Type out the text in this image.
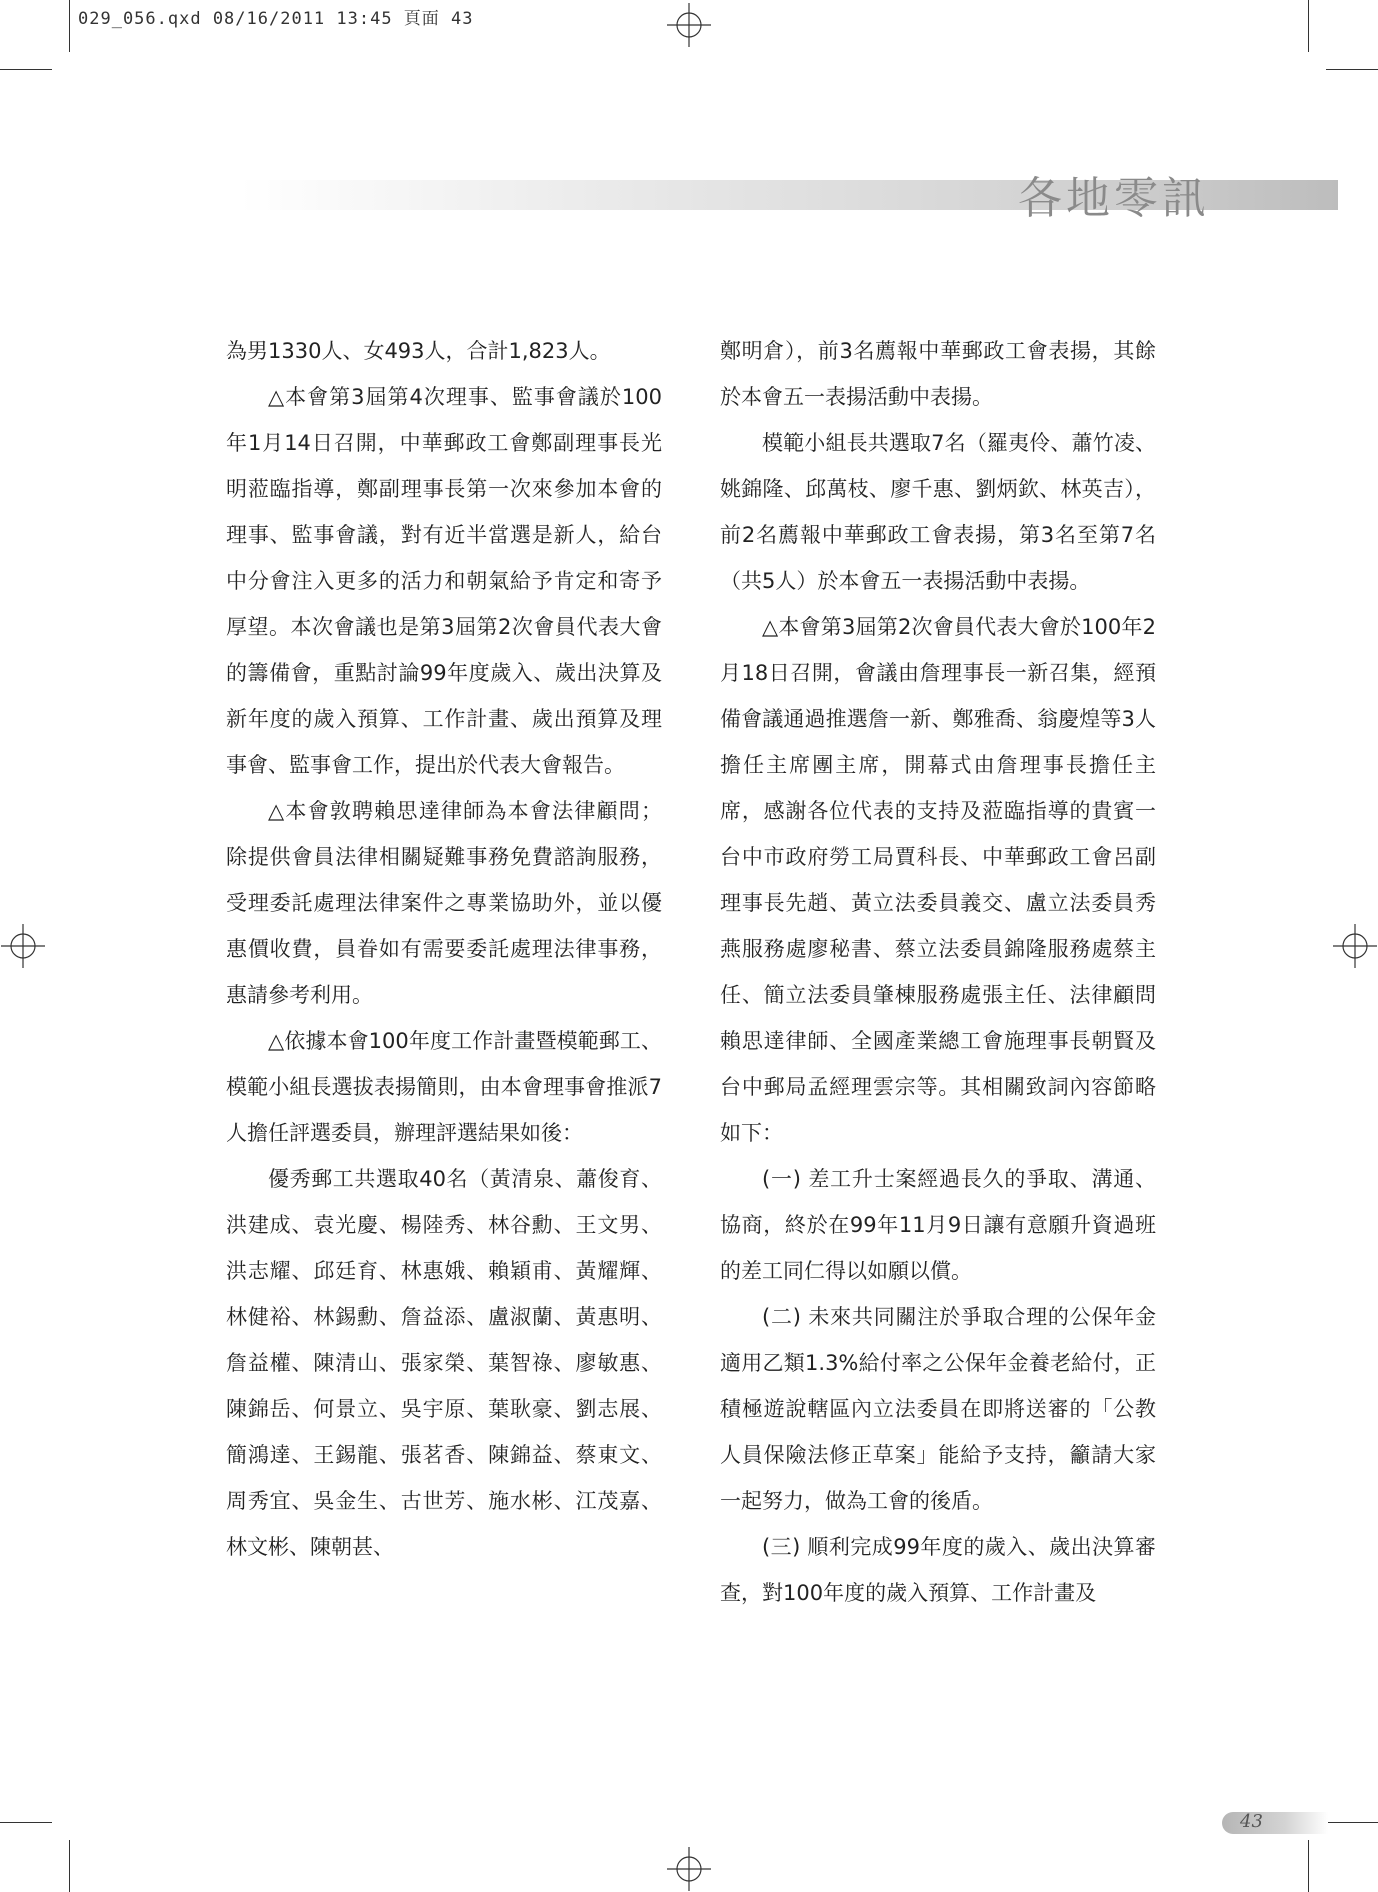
029_056.qxd 08/16/2011 13:45 頁面 43
各地零訊

為男1330人、女493人，合計1,823人。

△本會第3屆第4次理事、監事會議於100年1月14日召開，中華郵政工會鄭副理事長光明蒞臨指導，鄭副理事長第一次來參加本會的理事、監事會議，對有近半當選是新人，給台中分會注入更多的活力和朝氣給予肯定和寄予厚望。本次會議也是第3屆第2次會員代表大會的籌備會，重點討論99年度歲入、歲出決算及新年度的歲入預算、工作計畫、歲出預算及理事會、監事會工作，提出於代表大會報告。

△本會敦聘賴思達律師為本會法律顧問；除提供會員法律相關疑難事務免費諮詢服務，受理委託處理法律案件之專業協助外，並以優惠價收費，員眷如有需要委託處理法律事務，惠請參考利用。

△依據本會100年度工作計畫暨模範郵工、模範小組長選拔表揚簡則，由本會理事會推派7人擔任評選委員，辦理評選結果如後：

優秀郵工共選取40名（黃清泉、蕭俊育、洪建成、袁光慶、楊陸秀、林谷勳、王文男、洪志耀、邱廷育、林惠娥、賴穎甫、黃耀輝、林健裕、林錫勳、詹益添、盧淑蘭、黃惠明、詹益權、陳清山、張家榮、葉智祿、廖敏惠、陳錦岳、何景立、吳宇原、葉耿豪、劉志展、簡鴻達、王錫龍、張茗香、陳錦益、蔡東文、周秀宜、吳金生、古世芳、施水彬、江茂嘉、林文彬、陳朝甚、

鄭明倉），前3名薦報中華郵政工會表揚，其餘於本會五一表揚活動中表揚。

模範小組長共選取7名（羅夷伶、蕭竹凌、姚錦隆、邱萬枝、廖千惠、劉炳欽、林英吉），前2名薦報中華郵政工會表揚，第3名至第7名（共5人）於本會五一表揚活動中表揚。

△本會第3屆第2次會員代表大會於100年2月18日召開，會議由詹理事長一新召集，經預備會議通過推選詹一新、鄭雅喬、翁慶煌等3人擔任主席團主席，開幕式由詹理事長擔任主席，感謝各位代表的支持及蒞臨指導的貴賓一台中市政府勞工局賈科長、中華郵政工會呂副理事長先趙、黃立法委員義交、盧立法委員秀燕服務處廖秘書、蔡立法委員錦隆服務處蔡主任、簡立法委員肇棟服務處張主任、法律顧問賴思達律師、全國產業總工會施理事長朝賢及台中郵局孟經理雲宗等。其相關致詞內容節略如下：

(一) 差工升士案經過長久的爭取、溝通、協商，終於在99年11月9日讓有意願升資過班的差工同仁得以如願以償。

(二) 未來共同關注於爭取合理的公保年金適用乙類1.3%給付率之公保年金養老給付，正積極遊說轄區內立法委員在即將送審的「公教人員保險法修正草案」能給予支持，籲請大家一起努力，做為工會的後盾。

(三) 順利完成99年度的歲入、歲出決算審查，對100年度的歲入預算、工作計畫及

43
